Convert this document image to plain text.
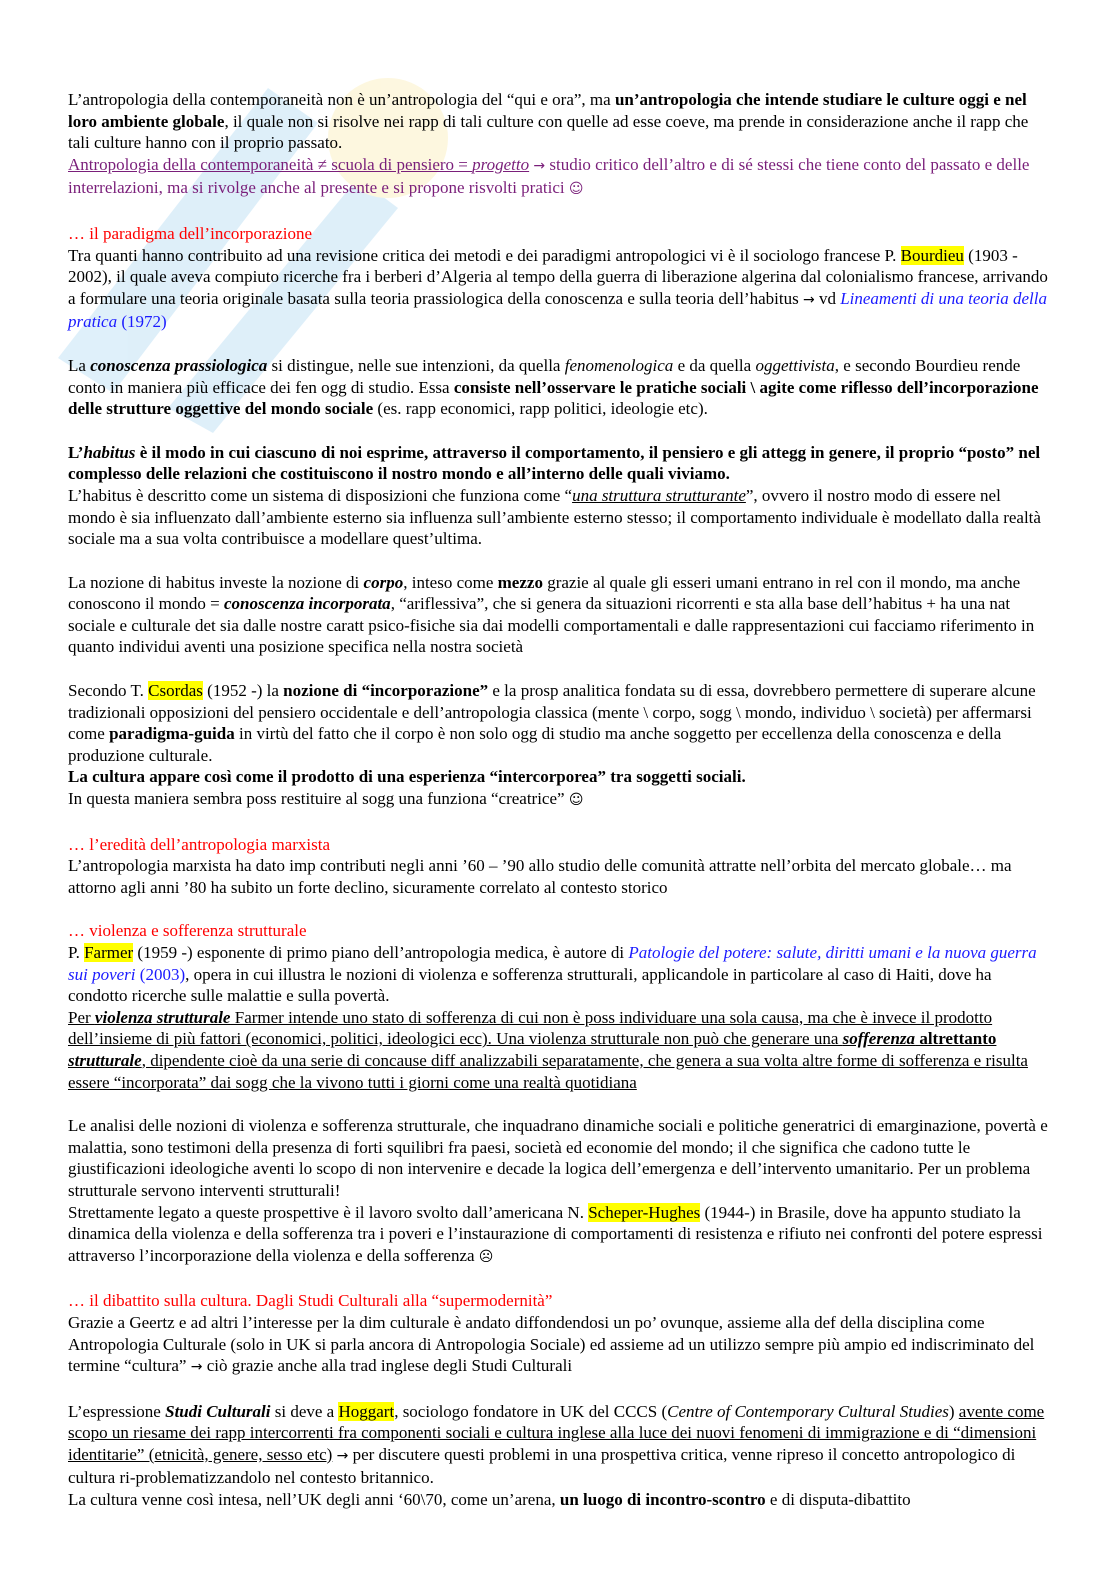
L’antropologia della contemporaneità non è un’antropologia del “qui e ora”, ma un’antropologia che intende studiare le culture oggi e nel loro ambiente globale, il quale non si risolve nei rapp di tali culture con quelle ad esse coeve, ma prende in considerazione anche il rapp che tali culture hanno con il proprio passato.

Antropologia della contemporaneità ≠ scuola di pensiero = progetto → studio critico dell’altro e di sé stessi che tiene conto del passato e delle interrelazioni, ma si rivolge anche al presente e si propone risvolti pratici ☺

… il paradigma dell’incorporazione

Tra quanti hanno contribuito ad una revisione critica dei metodi e dei paradigmi antropologici vi è il sociologo francese P. Bourdieu (1903 - 2002), il quale aveva compiuto ricerche fra i berberi d’Algeria al tempo della guerra di liberazione algerina dal colonialismo francese, arrivando a formulare una teoria originale basata sulla teoria prassiologica della conoscenza e sulla teoria dell’habitus → vd Lineamenti di una teoria della pratica (1972)

La conoscenza prassiologica si distingue, nelle sue intenzioni, da quella fenomenologica e da quella oggettivista, e secondo Bourdieu rende conto in maniera più efficace dei fen ogg di studio. Essa consiste nell’osservare le pratiche sociali \ agite come riflesso dell’incorporazione delle strutture oggettive del mondo sociale (es. rapp economici, rapp politici, ideologie etc).

L’habitus è il modo in cui ciascuno di noi esprime, attraverso il comportamento, il pensiero e gli attegg in genere, il proprio “posto” nel complesso delle relazioni che costituiscono il nostro mondo e all’interno delle quali viviamo.

L’habitus è descritto come un sistema di disposizioni che funziona come “una struttura strutturante”, ovvero il nostro modo di essere nel mondo è sia influenzato dall’ambiente esterno sia influenza sull’ambiente esterno stesso; il comportamento individuale è modellato dalla realtà sociale ma a sua volta contribuisce a modellare quest’ultima.

La nozione di habitus investe la nozione di corpo, inteso come mezzo grazie al quale gli esseri umani entrano in rel con il mondo, ma anche conoscono il mondo = conoscenza incorporata, “ariflessiva”, che si genera da situazioni ricorrenti e sta alla base dell’habitus + ha una nat sociale e culturale det sia dalle nostre caratt psico-fisiche sia dai modelli comportamentali e dalle rappresentazioni cui facciamo riferimento in quanto individui aventi una posizione specifica nella nostra società

Secondo T. Csordas (1952 -) la nozione di “incorporazione” e la prosp analitica fondata su di essa, dovrebbero permettere di superare alcune tradizionali opposizioni del pensiero occidentale e dell’antropologia classica (mente \ corpo, sogg \ mondo, individuo \ società) per affermarsi come paradigma-guida in virtù del fatto che il corpo è non solo ogg di studio ma anche soggetto per eccellenza della conoscenza e della produzione culturale.

La cultura appare così come il prodotto di una esperienza “intercorporea” tra soggetti sociali.

In questa maniera sembra poss restituire al sogg una funziona “creatrice” ☺

… l’eredità dell’antropologia marxista

L’antropologia marxista ha dato imp contributi negli anni ’60 – ’90 allo studio delle comunità attratte nell’orbita del mercato globale… ma attorno agli anni ’80 ha subito un forte declino, sicuramente correlato al contesto storico

… violenza e sofferenza strutturale

P. Farmer (1959 -) esponente di primo piano dell’antropologia medica, è autore di Patologie del potere: salute, diritti umani e la nuova guerra sui poveri (2003), opera in cui illustra le nozioni di violenza e sofferenza strutturali, applicandole in particolare al caso di Haiti, dove ha condotto ricerche sulle malattie e sulla povertà.

Per violenza strutturale Farmer intende uno stato di sofferenza di cui non è poss individuare una sola causa, ma che è invece il prodotto dell’insieme di più fattori (economici, politici, ideologici ecc). Una violenza strutturale non può che generare una sofferenza altrettanto strutturale, dipendente cioè da una serie di concause diff analizzabili separatamente, che genera a sua volta altre forme di sofferenza e risulta essere “incorporata” dai sogg che la vivono tutti i giorni come una realtà quotidiana

Le analisi delle nozioni di violenza e sofferenza strutturale, che inquadrano dinamiche sociali e politiche generatrici di emarginazione, povertà e malattia, sono testimoni della presenza di forti squilibri fra paesi, società ed economie del mondo; il che significa che cadono tutte le giustificazioni ideologiche aventi lo scopo di non intervenire e decade la logica dell’emergenza e dell’intervento umanitario. Per un problema strutturale servono interventi strutturali!

Strettamente legato a queste prospettive è il lavoro svolto dall’americana N. Scheper-Hughes (1944-) in Brasile, dove ha appunto studiato la dinamica della violenza e della sofferenza tra i poveri e l’instaurazione di comportamenti di resistenza e rifiuto nei confronti del potere espressi attraverso l’incorporazione della violenza e della sofferenza ☹

… il dibattito sulla cultura. Dagli Studi Culturali alla “supermodernità”

Grazie a Geertz e ad altri l’interesse per la dim culturale è andato diffondendosi un po’ ovunque, assieme alla def della disciplina come Antropologia Culturale (solo in UK si parla ancora di Antropologia Sociale) ed assieme ad un utilizzo sempre più ampio ed indiscriminato del termine “cultura” → ciò grazie anche alla trad inglese degli Studi Culturali

L’espressione Studi Culturali si deve a Hoggart, sociologo fondatore in UK del CCCS (Centre of Contemporary Cultural Studies) avente come scopo un riesame dei rapp intercorrenti fra componenti sociali e cultura inglese alla luce dei nuovi fenomeni di immigrazione e di “dimensioni identitarie” (etnicità, genere, sesso etc) → per discutere questi problemi in una prospettiva critica, venne ripreso il concetto antropologico di cultura ri-problematizzandolo nel contesto britannico.

La cultura venne così intesa, nell’UK degli anni ‘60\70, come un’arena, un luogo di incontro-scontro e di disputa-dibattito
